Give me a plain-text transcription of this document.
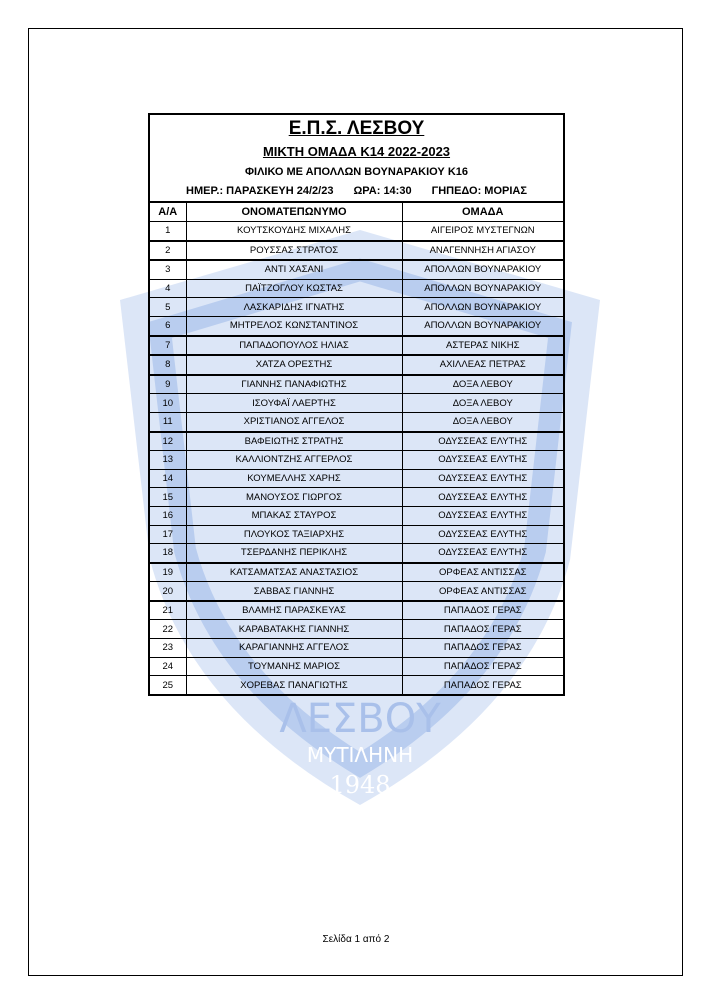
ΛΕΣΒΟΥ
ΜΥΤΙΛΗΝΗ
1948
Ε.Π.Σ. ΛΕΣΒΟΥ
ΜΙΚΤΗ ΟΜΑΔΑ Κ14 2022-2023
ΦΙΛΙΚΟ ΜΕ ΑΠΟΛΛΩΝ ΒΟΥΝΑΡΑΚΙΟΥ Κ16
ΗΜΕΡ.: ΠΑΡΑΣΚΕΥΗ 24/2/23 ΩΡΑ: 14:30 ΓΗΠΕΔΟ: ΜΟΡΙΑΣ
Α/Α	ΟΝΟΜΑΤΕΠΩΝΥΜΟ	ΟΜΑΔΑ
1	ΚΟΥΤΣΚΟΥΔΗΣ ΜΙΧΑΛΗΣ	ΑΙΓΕΙΡΟΣ ΜΥΣΤΕΓΝΩΝ
2	ΡΟΥΣΣΑΣ ΣΤΡΑΤΟΣ	ΑΝΑΓΕΝΝΗΣΗ ΑΓΙΑΣΟΥ
3	ΑΝΤΙ ΧΑΣΑΝΙ	ΑΠΟΛΛΩΝ ΒΟΥΝΑΡΑΚΙΟΥ
4	ΠΑΪΤΖΟΓΛΟΥ ΚΩΣΤΑΣ	ΑΠΟΛΛΩΝ ΒΟΥΝΑΡΑΚΙΟΥ
5	ΛΑΣΚΑΡΙΔΗΣ ΙΓΝΑΤΗΣ	ΑΠΟΛΛΩΝ ΒΟΥΝΑΡΑΚΙΟΥ
6	ΜΗΤΡΕΛΟΣ ΚΩΝΣΤΑΝΤΙΝΟΣ	ΑΠΟΛΛΩΝ ΒΟΥΝΑΡΑΚΙΟΥ
7	ΠΑΠΑΔΟΠΟΥΛΟΣ ΗΛΙΑΣ	ΑΣΤΕΡΑΣ ΝΙΚΗΣ
8	ΧΑΤΖΑ ΟΡΕΣΤΗΣ	ΑΧΙΛΛΕΑΣ ΠΕΤΡΑΣ
9	ΓΙΑΝΝΗΣ ΠΑΝΑΦΙΩΤΗΣ	ΔΟΞΑ ΛΕΒΟΥ
10	ΙΣΟΥΦΑΪ ΛΑΕΡΤΗΣ	ΔΟΞΑ ΛΕΒΟΥ
11	ΧΡΙΣΤΙΑΝΟΣ ΑΓΓΕΛΟΣ	ΔΟΞΑ ΛΕΒΟΥ
12	ΒΑΦΕΙΩΤΗΣ ΣΤΡΑΤΗΣ	ΟΔΥΣΣΕΑΣ ΕΛΥΤΗΣ
13	ΚΑΛΛΙΟΝΤΖΗΣ ΑΓΓΕΡΛΟΣ	ΟΔΥΣΣΕΑΣ ΕΛΥΤΗΣ
14	ΚΟΥΜΕΛΛΗΣ ΧΑΡΗΣ	ΟΔΥΣΣΕΑΣ ΕΛΥΤΗΣ
15	ΜΑΝΟΥΣΟΣ ΓΙΩΡΓΟΣ	ΟΔΥΣΣΕΑΣ ΕΛΥΤΗΣ
16	ΜΠΑΚΑΣ ΣΤΑΥΡΟΣ	ΟΔΥΣΣΕΑΣ ΕΛΥΤΗΣ
17	ΠΛΟΥΚΟΣ ΤΑΞΙΑΡΧΗΣ	ΟΔΥΣΣΕΑΣ ΕΛΥΤΗΣ
18	ΤΣΕΡΔΑΝΗΣ ΠΕΡΙΚΛΗΣ	ΟΔΥΣΣΕΑΣ ΕΛΥΤΗΣ
19	ΚΑΤΣΑΜΑΤΣΑΣ ΑΝΑΣΤΑΣΙΟΣ	ΟΡΦΕΑΣ ΑΝΤΙΣΣΑΣ
20	ΣΑΒΒΑΣ ΓΙΑΝΝΗΣ	ΟΡΦΕΑΣ ΑΝΤΙΣΣΑΣ
21	ΒΛΑΜΗΣ ΠΑΡΑΣΚΕΥΑΣ	ΠΑΠΑΔΟΣ ΓΕΡΑΣ
22	ΚΑΡΑΒΑΤΑΚΗΣ ΓΙΑΝΝΗΣ	ΠΑΠΑΔΟΣ ΓΕΡΑΣ
23	ΚΑΡΑΓΙΑΝΝΗΣ ΑΓΓΕΛΟΣ	ΠΑΠΑΔΟΣ ΓΕΡΑΣ
24	ΤΟΥΜΑΝΗΣ ΜΑΡΙΟΣ	ΠΑΠΑΔΟΣ ΓΕΡΑΣ
25	ΧΟΡΕΒΑΣ ΠΑΝΑΓΙΩΤΗΣ	ΠΑΠΑΔΟΣ ΓΕΡΑΣ
Σελίδα 1 από 2
